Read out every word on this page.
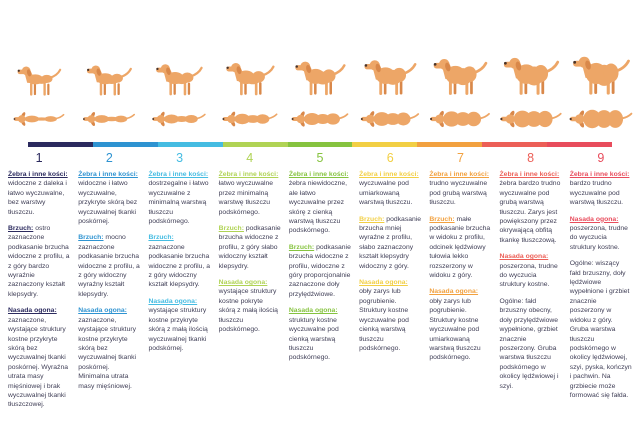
1

Żebra i inne kości: widoczne z daleka i łatwo wyczuwalne, bez warstwy tłuszczu.

Brzuch: ostro zaznaczone podkasanie brzucha widoczne z profilu, a z góry bardzo wyraźnie zaznaczony kształt klepsydry.

Nasada ogona: zaznaczone, wystające struktury kostne przykryte skórą bez wyczuwalnej tkanki poskórnej. Wyraźna utrata masy mięśniowej i brak wyczuwalnej tkanki tłuszczowej.

2

Żebra i inne kości: widoczne i łatwo wyczuwalne, przykryte skórą bez wyczuwalnej tkanki poskórnej.

Brzuch: mocno zaznaczone podkasanie brzucha widoczne z profilu, a z góry widoczny wyraźny kształt klepsydry.

Nasada ogona: zaznaczone, wystające struktury kostne przykryte skórą bez wyczuwalnej tkanki poskórnej. Minimalna utrata masy mięśniowej.

3

Żebra i inne kości: dostrzegalne i łatwo wyczuwalne z minimalną warstwą tłuszczu podskórnego.

Brzuch: zaznaczone podkasanie brzucha widoczne z profilu, a z góry widoczny kształt klepsydry.

Nasada ogona: wystające struktury kostne przykryte skórą z małą ilością wyczuwalnej tkanki podskórnej.

4

Żebra i inne kości: łatwo wyczuwalne przez minimalną warstwę tłuszczu podskórnego.

Brzuch: podkasanie brzucha widoczne z profilu, z góry słabo widoczny kształt klepsydry.

Nasada ogona: wystające struktury kostne pokryte skórą z małą ilością tłuszczu podskórnego.

5

Żebra i inne kości: żebra niewidoczne, ale łatwo wyczuwalne przez skórę z cienką warstwą tłuszczu podskórnego.

Brzuch: podkasanie brzucha widoczne z profilu, widoczne z góry proporcjonalnie zaznaczone doły przylędźwiowe.

Nasada ogona: struktury kostne wyczuwalne pod cienką warstwą tłuszczu podskórnego.

6

Żebra i inne kości: wyczuwalne pod umiarkowaną warstwą tłuszczu.

Brzuch: podkasanie brzucha mniej wyraźne z profilu, słabo zaznaczony kształt klepsydry widoczny z góry.

Nasada ogona: obły zarys lub pogrubienie. Struktury kostne wyczuwalne pod cienką warstwą tłuszczu podskórnego.

7

Żebra i inne kości: trudno wyczuwalne pod grubą warstwą tłuszczu.

Brzuch: małe podkasanie brzucha w widoku z profilu, odcinek lędźwiowy tułowia lekko rozszerzony w widoku z góry.

Nasada ogona: obły zarys lub pogrubienie. Struktury kostne wyczuwalne pod umiarkowaną warstwą tłuszczu podskórnego.

8

Żebra i inne kości: żebra bardzo trudno wyczuwalne pod grubą warstwą tłuszczu. Zarys jest powiększony przez okrywającą obfitą tkankę tłuszczową.

Nasada ogona: poszerzona, trudne do wyczucia struktury kostne.

Ogólne: fałd brzuszny obecny, doły przylędźwiowe wypełnione, grzbiet znacznie poszerzony. Gruba warstwa tłuszczu podskórnego w okolicy lędźwiowej i szyi.

9

Żebra i inne kości: bardzo trudno wyczuwalne pod warstwą tłuszczu.

Nasada ogona: poszerzona, trudne do wyczucia struktury kostne.

Ogólne: wiszący fałd brzuszny, doły lędźwiowe wypełnione i grzbiet znacznie poszerzony w widoku z góry. Gruba warstwa tłuszczu podskórnego w okolicy lędźwiowej, szyi, pyska, kończyn i pachwin. Na grzbiecie może formować się fałda.
